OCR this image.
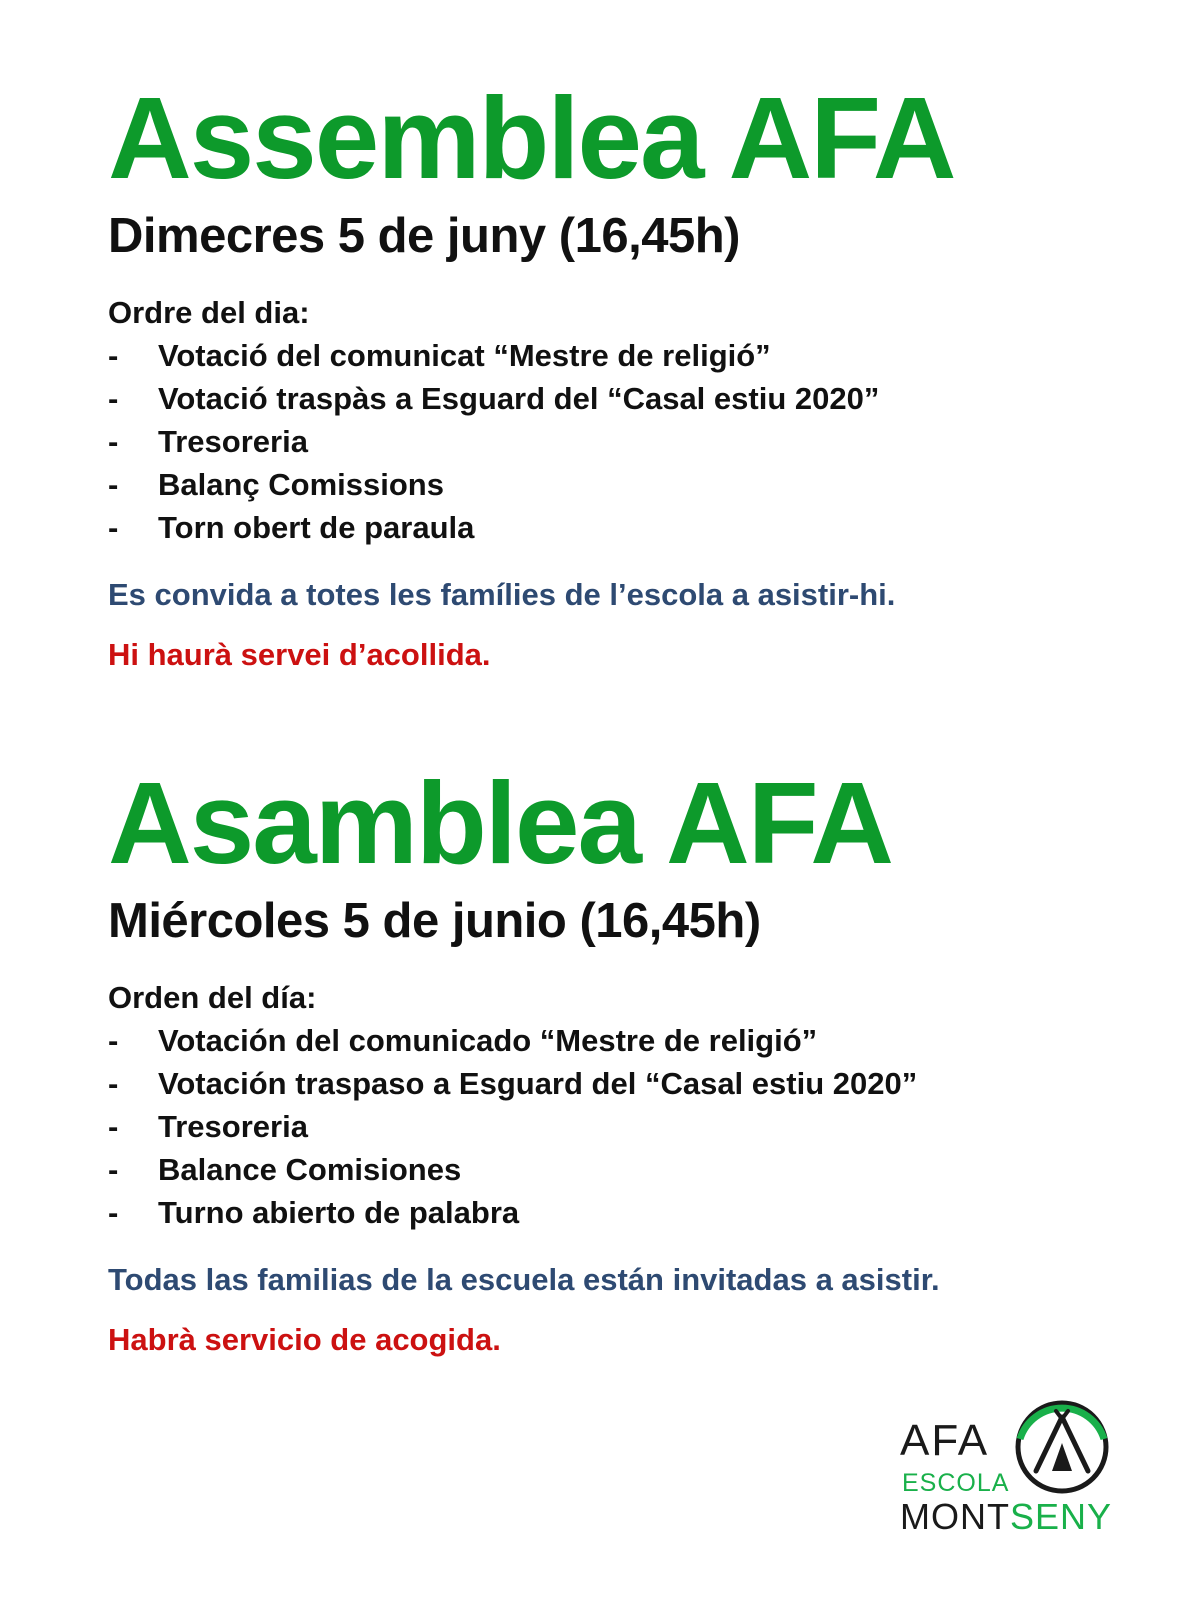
Assemblea AFA
Dimecres 5 de juny (16,45h)
Ordre del dia:
- Votació del comunicat “Mestre de religió”
- Votació traspàs a Esguard del “Casal estiu 2020”
- Tresoreria
- Balanç Comissions
- Torn obert de paraula

Es convida a totes les famílies de l’escola a asistir-hi.

Hi haurà servei d’acollida.

Asamblea AFA
Miércoles 5 de junio (16,45h)
Orden del día:
- Votación del comunicado “Mestre de religió”
- Votación traspaso a Esguard del “Casal estiu 2020”
- Tresoreria
- Balance Comisiones
- Turno abierto de palabra

Todas las familias de la escuela están invitadas a asistir.

Habrà servicio de acogida.

AFA
ESCOLA
MONTSENY
